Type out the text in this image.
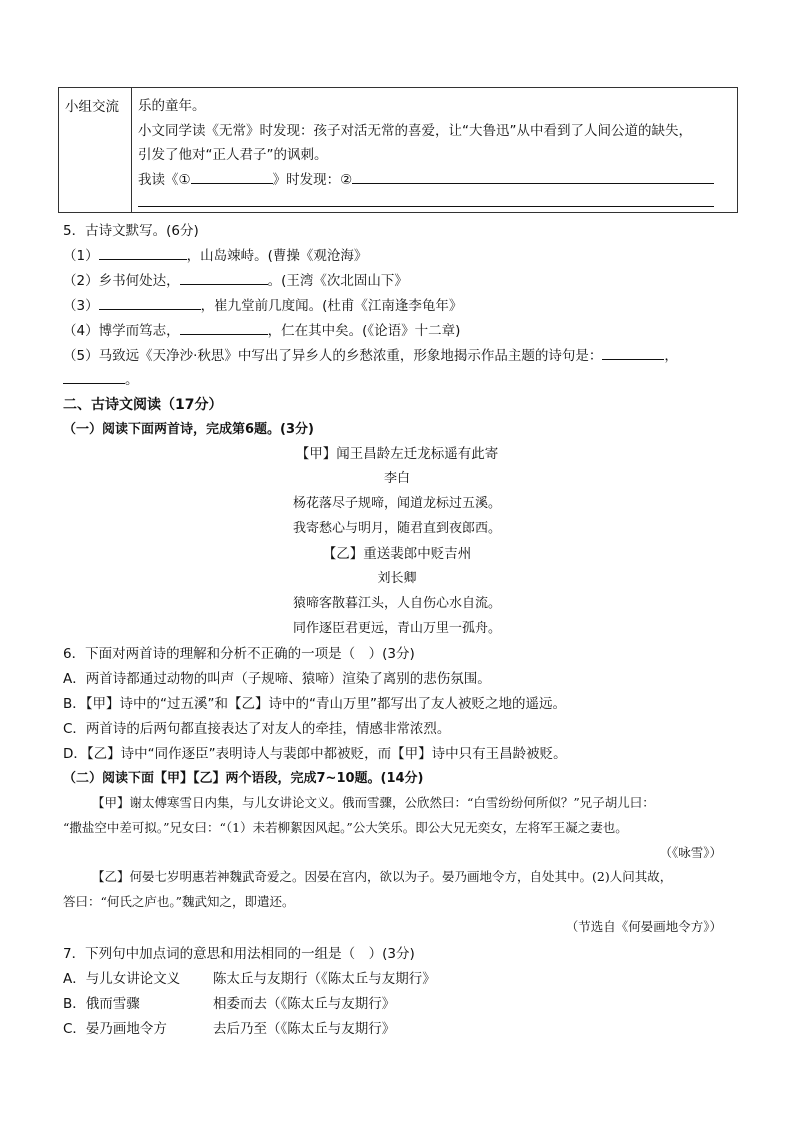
小组交流	乐的童年。
小文同学读《无常》时发现：孩子对活无常的喜爱，让“大鲁迅”从中看到了人间公道的缺失，
引发了他对“正人君子”的讽刺。
我读《①	》时发现：②
5．古诗文默写。(6分)
（1）	，山岛竦峙。(曹操《观沧海》
（2）乡书何处达，	。(王湾《次北固山下》
（3）	，崔九堂前几度闻。(杜甫《江南逢李龟年》
（4）博学而笃志，	，仁在其中矣。(《论语》十二章)
（5）马致远《天净沙·秋思》中写出了异乡人的乡愁浓重，形象地揭示作品主题的诗句是：	，
。
二、古诗文阅读（17分）
（一）阅读下面两首诗，完成第6题。(3分)
【甲】闻王昌龄左迁龙标遥有此寄
李白
杨花落尽子规啼，闻道龙标过五溪。
我寄愁心与明月，随君直到夜郎西。
【乙】重送裴郎中贬吉州
刘长卿
猿啼客散暮江头，人自伤心水自流。
同作逐臣君更远，青山万里一孤舟。
6．下面对两首诗的理解和分析不正确的一项是（　）(3分)
A．两首诗都通过动物的叫声（子规啼、猿啼）渲染了离别的悲伤氛围。
B．【甲】诗中的“过五溪”和【乙】诗中的“青山万里”都写出了友人被贬之地的遥远。
C．两首诗的后两句都直接表达了对友人的牵挂，情感非常浓烈。
D．【乙】诗中“同作逐臣”表明诗人与裴郎中都被贬，而【甲】诗中只有王昌龄被贬。
（二）阅读下面【甲】【乙】两个语段，完成7~10题。(14分)
【甲】谢太傅寒雪日内集，与儿女讲论文义。俄而雪骤，公欣然曰：“白雪纷纷何所似？”兄子胡儿曰：
“撒盐空中差可拟。”兄女曰：“（1）未若柳絮因风起。”公大笑乐。即公大兄无奕女，左将军王凝之妻也。
（《咏雪》）
【乙】何晏七岁明惠若神魏武奇爱之。因晏在宫内，欲以为子。晏乃画地令方，自处其中。(2)人问其故，
答曰：“何氏之庐也。”魏武知之，即遣还。
（节选自《何晏画地令方》）
7．下列句中加点词的意思和用法相同的一组是（　）(3分)
A．与儿女讲论文义 陈太丘与友期行（《陈太丘与友期行》
B．俄而雪骤	相委而去（《陈太丘与友期行》
C．晏乃画地令方	去后乃至（《陈太丘与友期行》
